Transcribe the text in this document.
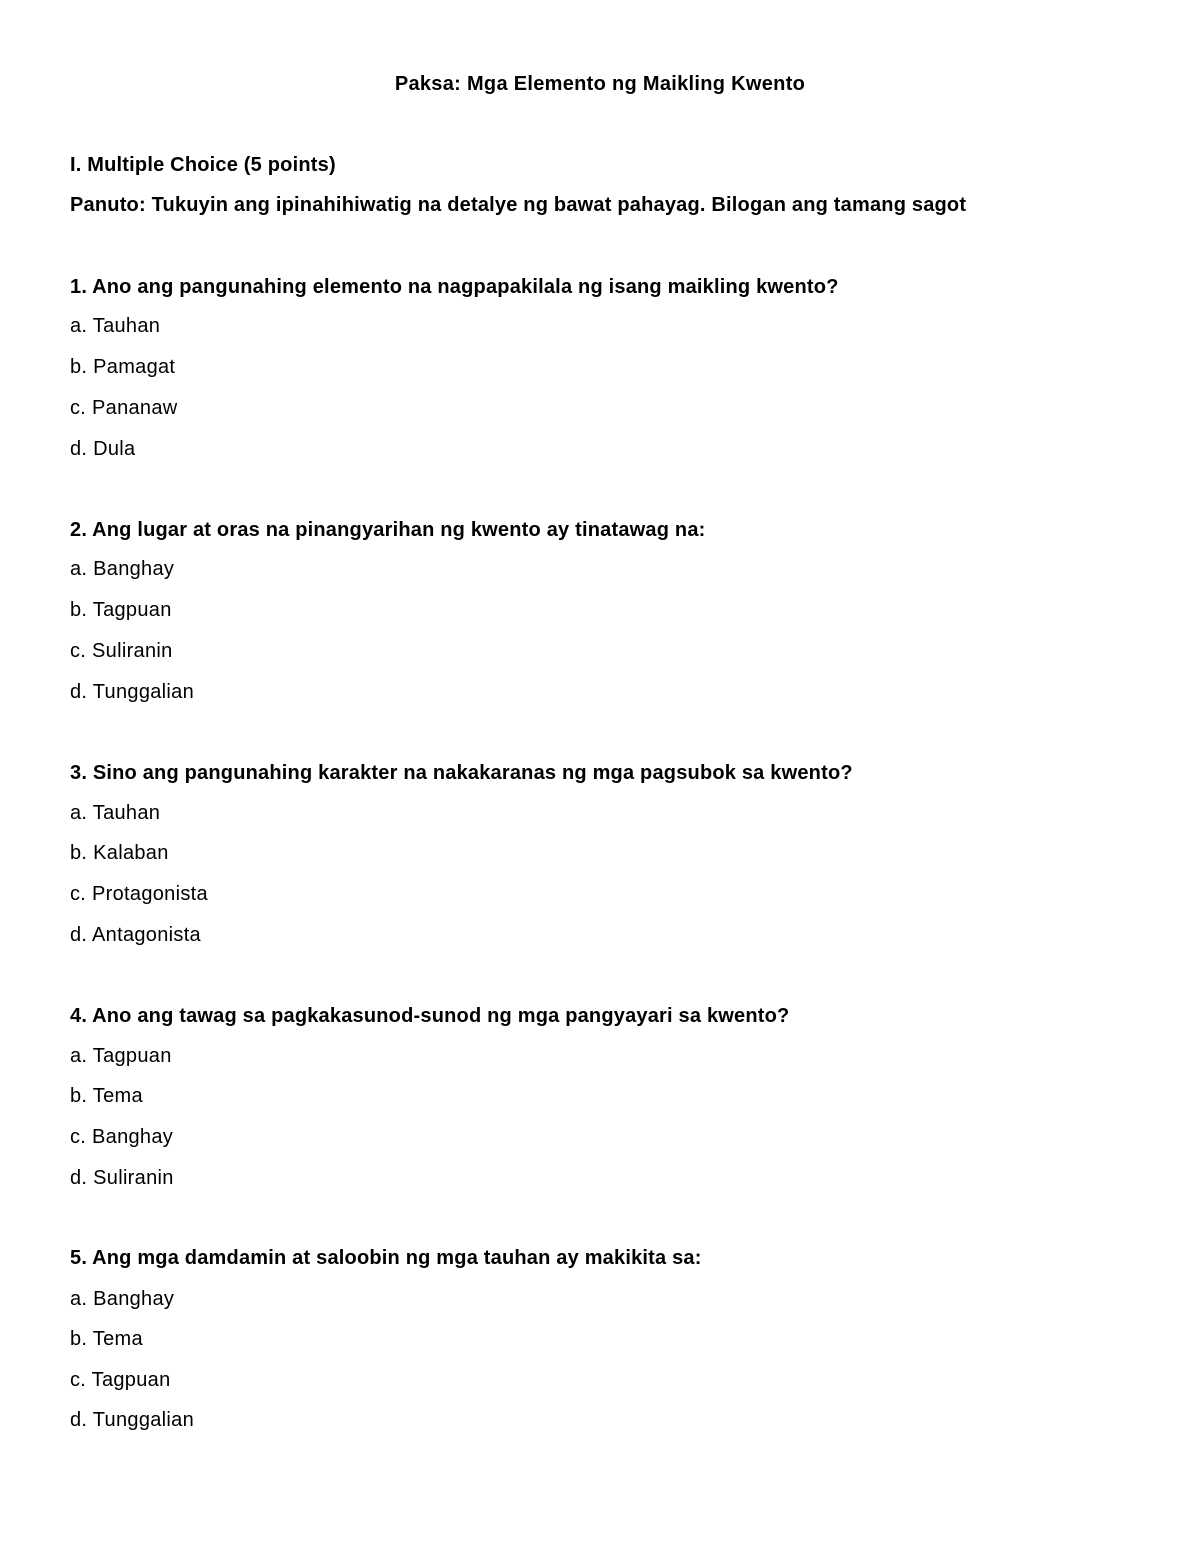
Paksa: Mga Elemento ng Maikling Kwento
I. Multiple Choice (5 points)
Panuto: Tukuyin ang ipinahihiwatig na detalye ng bawat pahayag. Bilogan ang tamang sagot
1. Ano ang pangunahing elemento na nagpapakilala ng isang maikling kwento?
a. Tauhan
b. Pamagat
c. Pananaw
d. Dula
2. Ang lugar at oras na pinangyarihan ng kwento ay tinatawag na:
a. Banghay
b. Tagpuan
c. Suliranin
d. Tunggalian
3. Sino ang pangunahing karakter na nakakaranas ng mga pagsubok sa kwento?
a. Tauhan
b. Kalaban
c. Protagonista
d. Antagonista
4. Ano ang tawag sa pagkakasunod-sunod ng mga pangyayari sa kwento?
a. Tagpuan
b. Tema
c. Banghay
d. Suliranin
5. Ang mga damdamin at saloobin ng mga tauhan ay makikita sa:
a. Banghay
b. Tema
c. Tagpuan
d. Tunggalian
